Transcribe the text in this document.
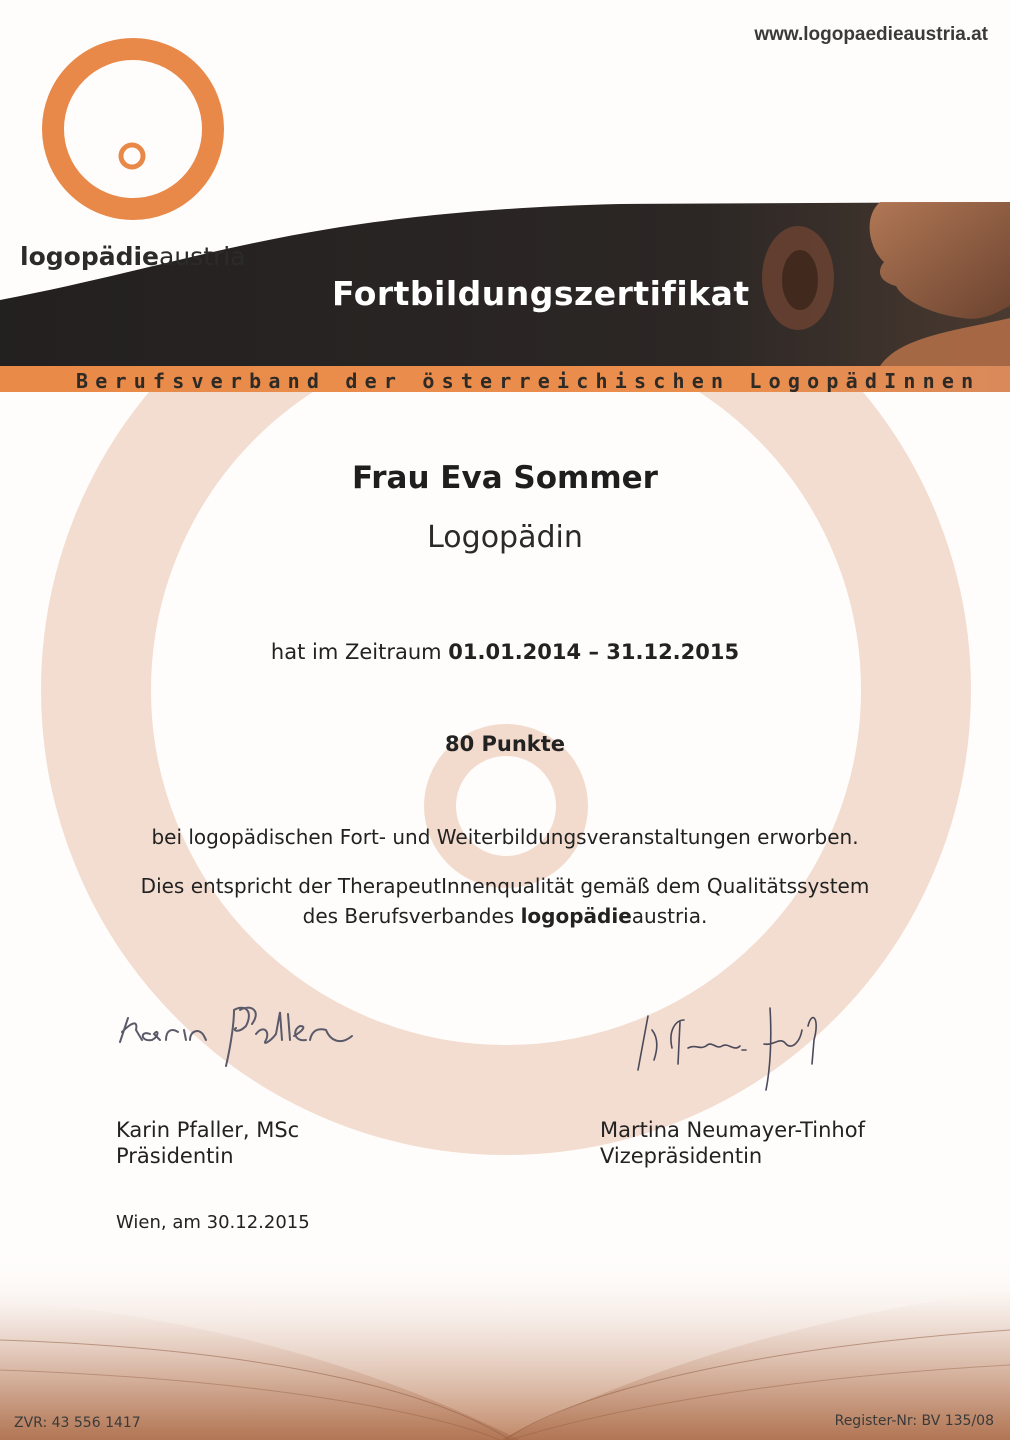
www.logopaedieaustria.at
logopädieaustria
Fortbildungszertifikat
Berufsverband der österreichischen LogopädInnen
Frau Eva Sommer
Logopädin
hat im Zeitraum 01.01.2014 – 31.12.2015
80 Punkte
bei logopädischen Fort- und Weiterbildungsveranstaltungen erworben.
Dies entspricht der TherapeutInnenqualität gemäß dem Qualitätssystem
des Berufsverbandes logopädieaustria.
Karin Pfaller, MSc
Präsidentin
Martina Neumayer-Tinhof
Vizepräsidentin
Wien, am 30.12.2015
ZVR: 43 556 1417	Register-Nr: BV 135/08
